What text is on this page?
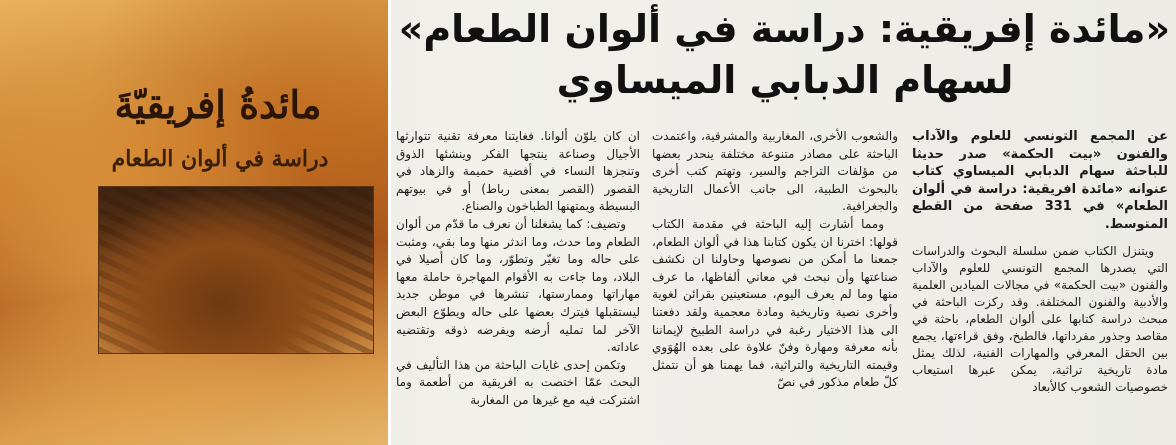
مائدةُ إفريقيّةَ
دراسة في ألوان الطعام
«مائدة إفريقية: دراسة في ألوان الطعام»
لسهام الدبابي الميساوي

عن المجمع التونسي للعلوم والآداب والفنون «بيت الحكمة» صدر حديثا للباحثة سهام الدبابي الميساوي كتاب عنوانه «مائدة افريقية: دراسة في ألوان الطعام» في 331 صفحة من القطع المتوسط.

ويتنزل الكتاب ضمن سلسلة البحوث والدراسات التي يصدرها المجمع التونسي للعلوم والآداب والفنون «بيت الحكمة» في مجالات الميادين العلمية والأدبية والفنون المختلفة. وقد ركزت الباحثة في مبحث دراسة كتابها على ألوان الطعام، باحثة في مقاصد وجذور مفرداتها، فالطبخ، وفق قراءتها، يجمع بين الحقل المعرفي والمهارات الفنية، لذلك يمثل مادة تاريخية تراثية، يمكن عبرها استيعاب خصوصيات الشعوب كالأبعاد

والشعوب الأخرى، المغاربية والمشرقية، واعتمدت الباحثة على مصادر متنوعة مختلفة ينحدر بعضها من مؤلفات التراجم والسير، وتهتم كتب أخرى بالبحوث الطبية، الى جانب الأعمال التاريخية والجغرافية.

ومما أشارت إليه الباحثة في مقدمة الكتاب قولها: اخترنا ان يكون كتابنا هذا في ألوان الطعام، جمعنا ما أمكن من نصوصها وحاولنا ان نكشف صناعتها وأن نبحث في معاني ألفاظها، ما عرف منها وما لم يعرف اليوم، مستعينين بقرائن لغوية وأخرى نصية وتاريخية ومادة معجمية ولقد دفعتنا الى هذا الاختيار رغبة في دراسة الطبيخ لإيماننا بأنه معرفة ومهارة وفنّ علاوة على بعده الهُوَوي وقيمته التاريخية والتراثية، فما يهمنا هو أن نتمثل كلّ طعام مذكور في نصّ

ان كان يلوّن ألوانا. فغايتنا معرفة تقنية تتوارثها الأجيال وصناعة ينتجها الفكر وينشئها الذوق وتنجزها النساء في أفضية حميمة والزهاد في القصور (القصر بمعنى رباط) أو في بيوتهم البسيطة ويمتهنها الطباخون والصناع.

وتضيف: كما يشغلنا أن نعرف ما قدّم من ألوان الطعام وما حدث، وما اندثر منها وما بقي، ومثبت على حاله وما تغيّر وتطوّر، وما كان أصيلا في البلاد، وما جاءت به الأقوام المهاجرة حاملة معها مهاراتها وممارستها، تنشرها في موطن جديد ليستقبلها فيترك بعضها على حاله ويطوّع البعض الآخر لما تمليه أرضه ويفرضه ذوقه وتقتضيه عاداته.

وتكمن إحدى غايات الباحثة من هذا التأليف في البحث عمّا اختصت به افريقية من أطعمة وما اشتركت فيه مع غيرها من المغاربة
